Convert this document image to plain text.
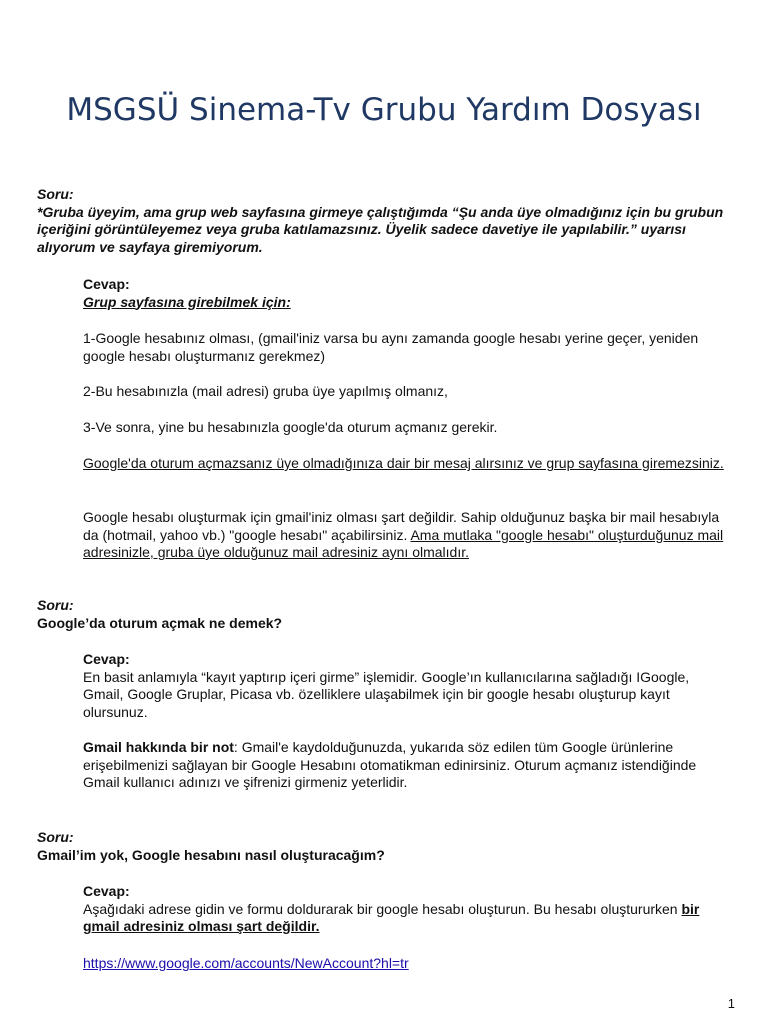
MSGSÜ Sinema-Tv Grubu Yardım Dosyası

Soru:

*Gruba üyeyim, ama grup web sayfasına girmeye çalıştığımda “Şu anda üye olmadığınız için bu grubun içeriğini görüntüleyemez veya gruba katılamazsınız. Üyelik sadece davetiye ile yapılabilir.” uyarısı alıyorum ve sayfaya giremiyorum.

Cevap:

Grup sayfasına girebilmek için:

1-Google hesabınız olması, (gmail'iniz varsa bu aynı zamanda google hesabı yerine geçer, yeniden google hesabı oluşturmanız gerekmez)

2-Bu hesabınızla (mail adresi) gruba üye yapılmış olmanız,

3-Ve sonra, yine bu hesabınızla google'da oturum açmanız gerekir.

Google'da oturum açmazsanız üye olmadığınıza dair bir mesaj alırsınız ve grup sayfasına giremezsiniz.

Google hesabı oluşturmak için gmail'iniz olması şart değildir. Sahip olduğunuz başka bir mail hesabıyla da (hotmail, yahoo vb.) "google hesabı" açabilirsiniz. Ama mutlaka "google hesabı" oluşturduğunuz mail adresinizle, gruba üye olduğunuz mail adresiniz aynı olmalıdır.

Soru:

Google’da oturum açmak ne demek?

Cevap:

En basit anlamıyla “kayıt yaptırıp içeri girme” işlemidir. Google’ın kullanıcılarına sağladığı IGoogle, Gmail, Google Gruplar, Picasa vb. özelliklere ulaşabilmek için bir google hesabı oluşturup kayıt olursunuz.

Gmail hakkında bir not: Gmail'e kaydolduğunuzda, yukarıda söz edilen tüm Google ürünlerine erişebilmenizi sağlayan bir Google Hesabını otomatikman edinirsiniz. Oturum açmanız istendiğinde Gmail kullanıcı adınızı ve şifrenizi girmeniz yeterlidir.

Soru:

Gmail’im yok, Google hesabını nasıl oluşturacağım?

Cevap:

Aşağıdaki adrese gidin ve formu doldurarak bir google hesabı oluşturun. Bu hesabı oluştururken bir gmail adresiniz olması şart değildir.

https://www.google.com/accounts/NewAccount?hl=tr
1
